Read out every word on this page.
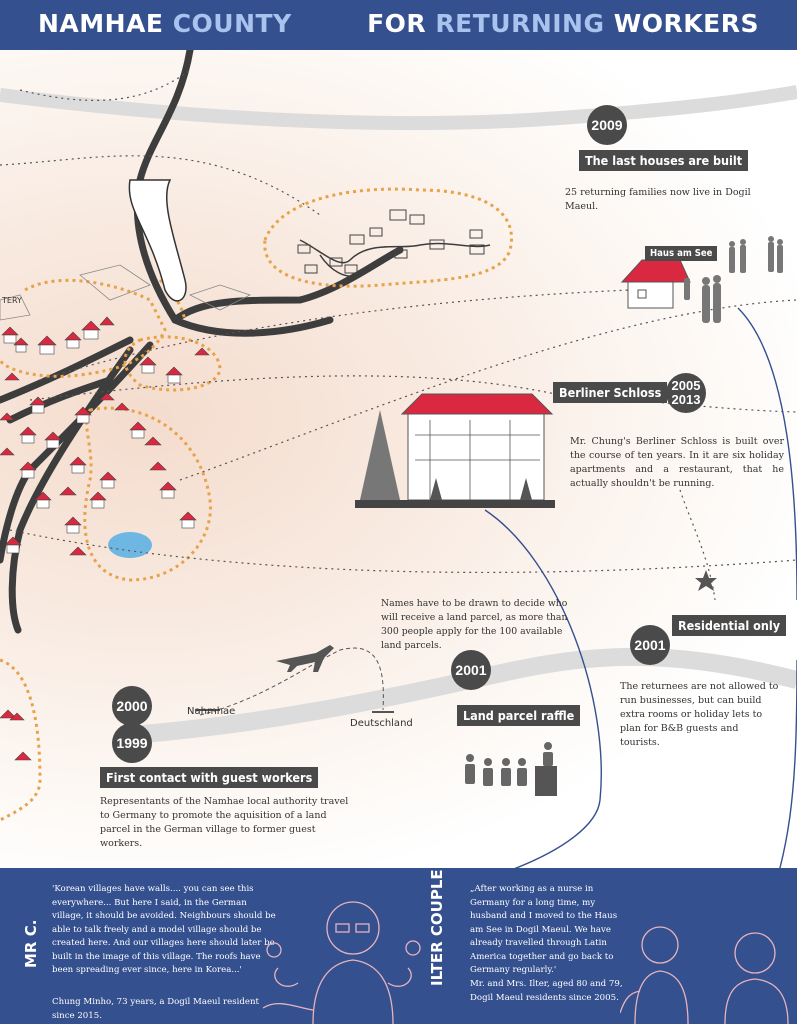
NAMHAE COUNTY	FOR RETURNING WORKERS
TERY
2009
The last houses are built
25 returning families now live in Dogil Maeul.
Haus am See
Berliner Schloss 2005
2013
Mr. Chung's Berliner Schloss is built over the course of ten years. In it are six holiday apartments and a restaurant, that he actually shouldn't be running.
Residential only
2001
The returnees are not allowed to run businesses, but can build extra rooms or holiday lets to plan for B&B guests and tourists.
Names have to be drawn to decide who will receive a land parcel, as more than 300 people apply for the 100 available land parcels.
2001
Land parcel raffle
Nahmhae
Deutschland
2000
1999
First contact with guest workers
Representants of the Namhae local authority travel to Germany to promote the aquisition of a land parcel in the German village to former guest workers.
MR C.
'Korean villages have walls.... you can see this everywhere... But here I said, in the German village, it should be avoided. Neighbours should be able to talk freely and a model village should be created here. And our villages here should later be built in the image of this village. The roofs have been spreading ever since, here in Korea...'
Chung Minho, 73 years, a Dogil Maeul resident since 2015.
ILTER COUPLE	„After working as a nurse in Germany for a long time, my husband and I moved to the Haus am See in Dogil Maeul. We have already travelled through Latin America together and go back to Germany regularly.'
Mr. and Mrs. Ilter, aged 80 and 79, Dogil Maeul residents since 2005.
